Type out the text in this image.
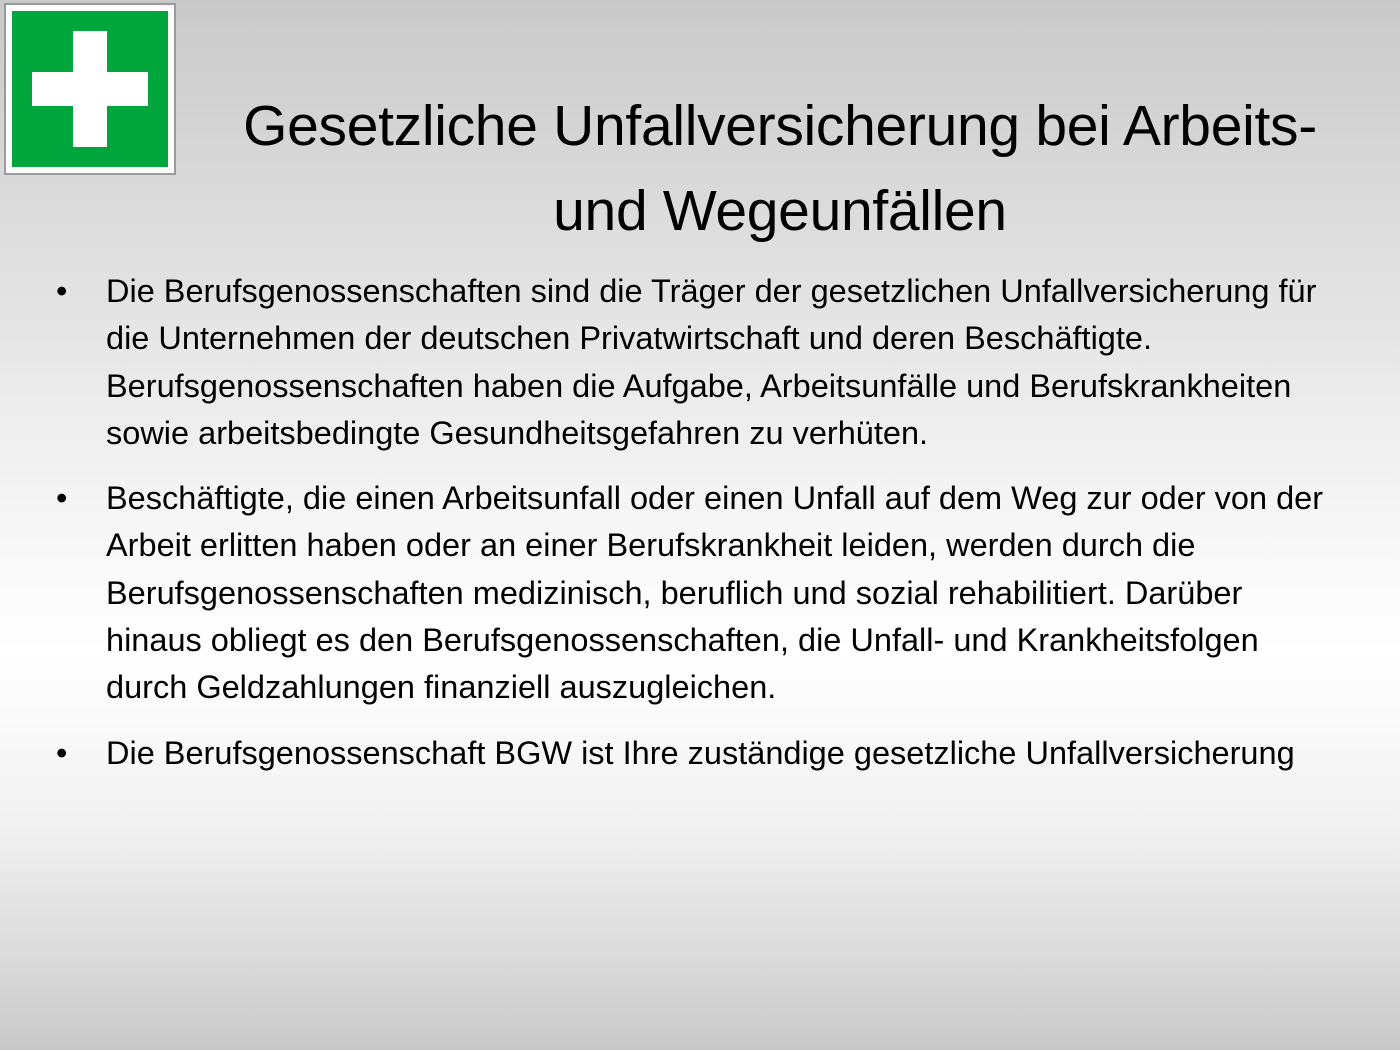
Gesetzliche Unfallversicherung bei Arbeits- und Wegeunfällen
• Die Berufsgenossenschaften sind die Träger der gesetzlichen Unfallversicherung für die Unternehmen der deutschen Privatwirtschaft und deren Beschäftigte. Berufsgenossenschaften haben die Aufgabe, Arbeitsunfälle und Berufskrankheiten sowie arbeitsbedingte Gesundheitsgefahren zu verhüten.
• Beschäftigte, die einen Arbeitsunfall oder einen Unfall auf dem Weg zur oder von der Arbeit erlitten haben oder an einer Berufskrankheit leiden, werden durch die Berufsgenossenschaften medizinisch, beruflich und sozial rehabilitiert. Darüber hinaus obliegt es den Berufsgenossenschaften, die Unfall- und Krankheitsfolgen durch Geldzahlungen finanziell auszugleichen.
• Die Berufsgenossenschaft BGW ist Ihre zuständige gesetzliche Unfallversicherung
